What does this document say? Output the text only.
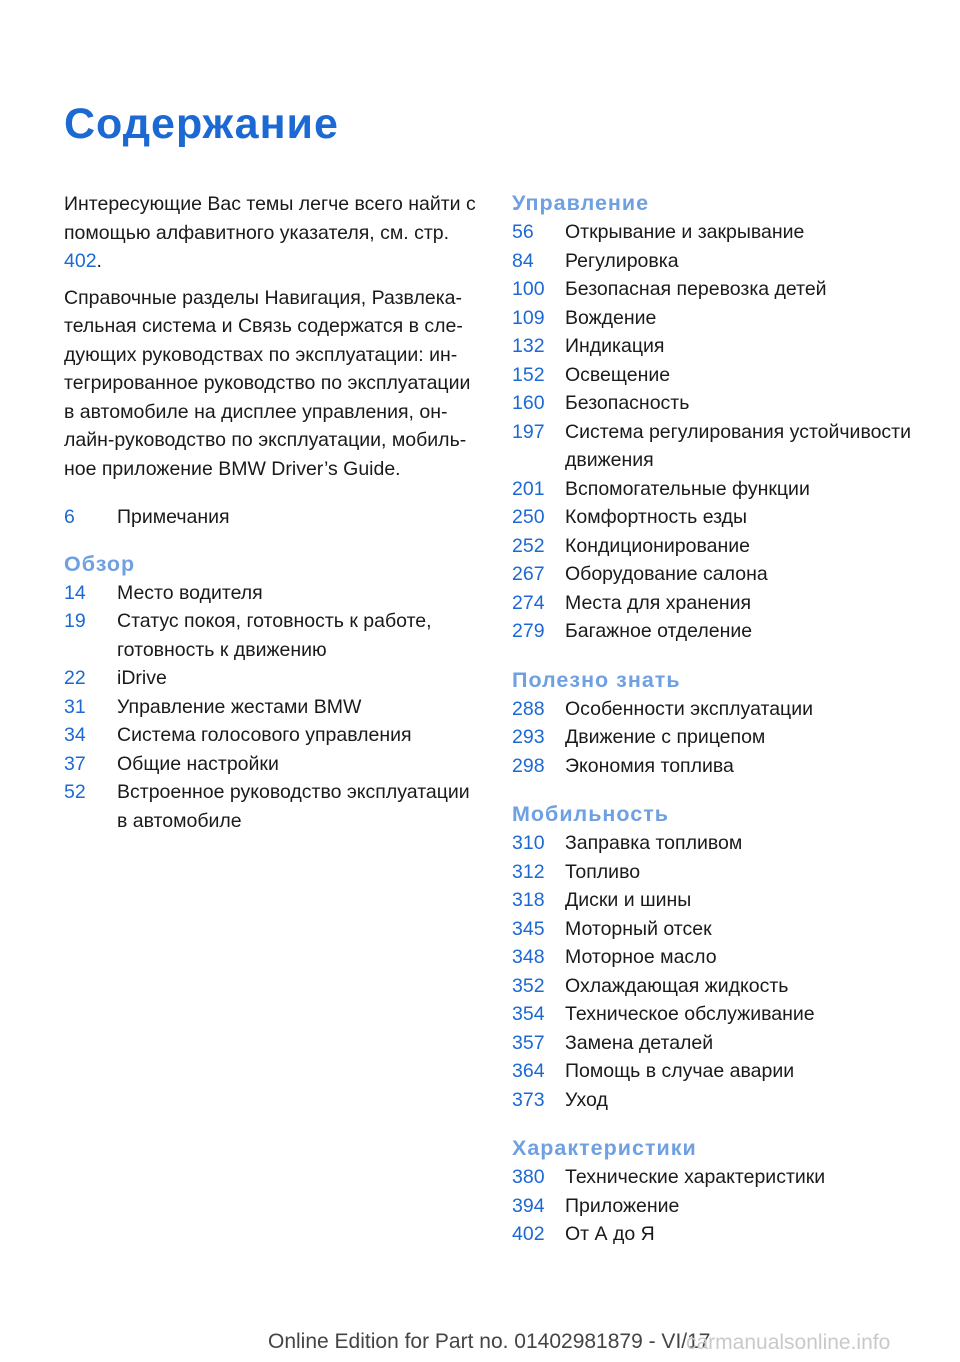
Содержание

Интересующие Вас темы легче всего найти с помощью алфавитного указателя, см. стр. 402.

Справочные разделы Навигация, Развлекательная система и Связь содержатся в следующих руководствах по эксплуатации: интегрированное руководство по эксплуатации в автомобиле на дисплее управления, онлайн-руководство по эксплуатации, мобильное приложение BMW Driver’s Guide.

6	Примечания
Обзор
14	Место водителя
19	Статус покоя, готовность к работе, готовность к движению
22	iDrive
31	Управление жестами BMW
34	Система голосового управления
37	Общие настройки
52	Встроенное руководство эксплуатации в автомобиле
Управление
56	Открывание и закрывание
84	Регулировка
100	Безопасная перевозка детей
109	Вождение
132	Индикация
152	Освещение
160	Безопасность
197	Система регулирования устойчивости движения
201	Вспомогательные функции
250	Комфортность езды
252	Кондиционирование
267	Оборудование салона
274	Места для хранения
279	Багажное отделение
Полезно знать
288	Особенности эксплуатации
293	Движение с прицепом
298	Экономия топлива
Мобильность
310	Заправка топливом
312	Топливо
318	Диски и шины
345	Моторный отсек
348	Моторное масло
352	Охлаждающая жидкость
354	Техническое обслуживание
357	Замена деталей
364	Помощь в случае аварии
373	Уход
Характеристики
380	Технические характеристики
394	Приложение
402	От А до Я
Online Edition for Part no. 01402981879 - VI/17
carmanualsonline.info
